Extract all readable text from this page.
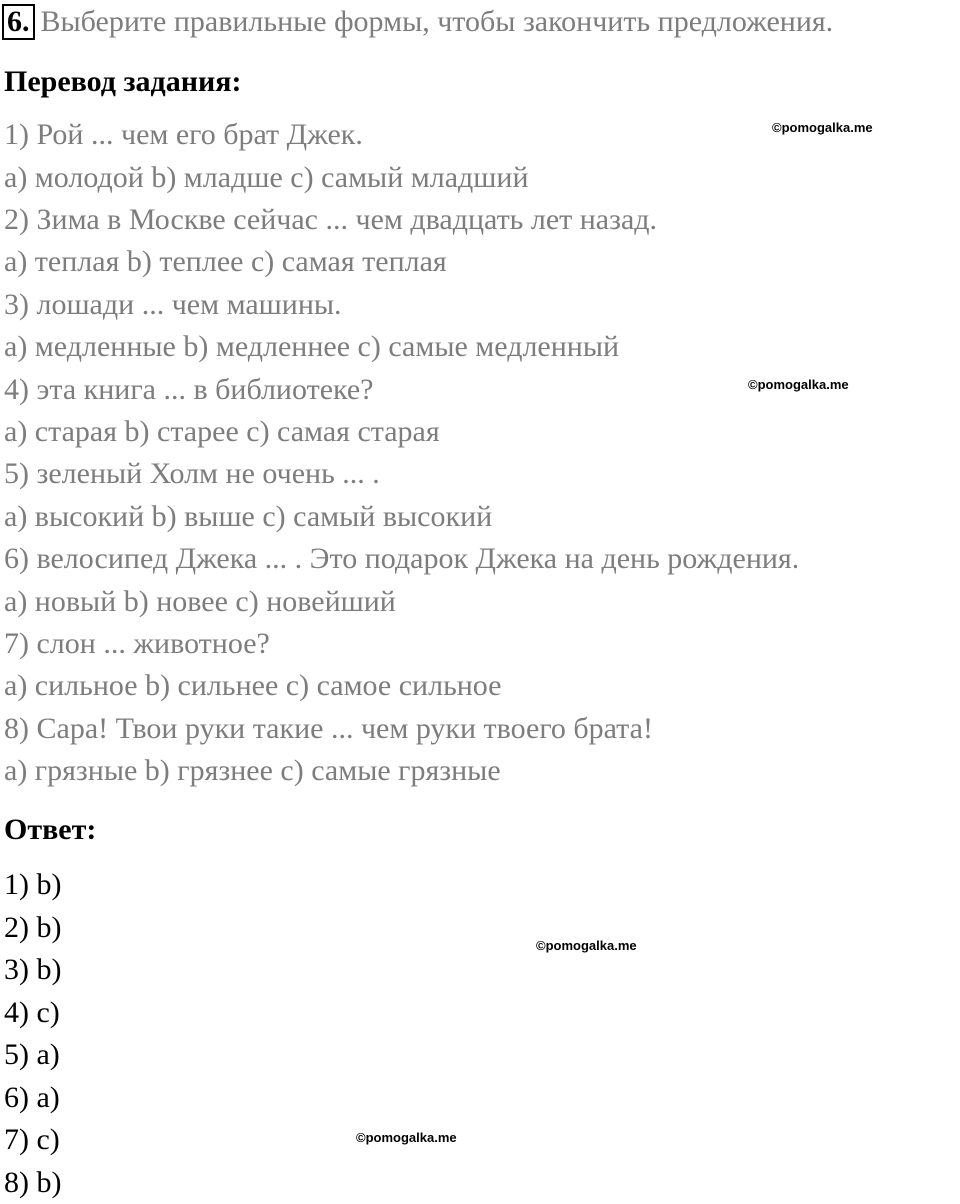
6. Выберите правильные формы, чтобы закончить предложения.
Перевод задания:
1) Рой ... чем его брат Джек.
a) молодой b) младше c) самый младший
2) Зима в Москве сейчас ... чем двадцать лет назад.
a) теплая b) теплее c) самая теплая
3) лошади ... чем машины.
a) медленные b) медленнее c) самые медленный
4) эта книга ... в библиотеке?
a) старая b) старее c) самая старая
5) зеленый Холм не очень ... .
a) высокий b) выше c) самый высокий
6) велосипед Джека ... . Это подарок Джека на день рождения.
a) новый b) новее c) новейший
7) слон ... животное?
a) сильное b) сильнее c) самое сильное
8) Сара! Твои руки такие ... чем руки твоего брата!
a) грязные b) грязнее c) самые грязные
Ответ:
1) b)
2) b)
3) b)
4) c)
5) a)
6) a)
7) c)
8) b)
©pomogalka.me
©pomogalka.me
©pomogalka.me
©pomogalka.me
